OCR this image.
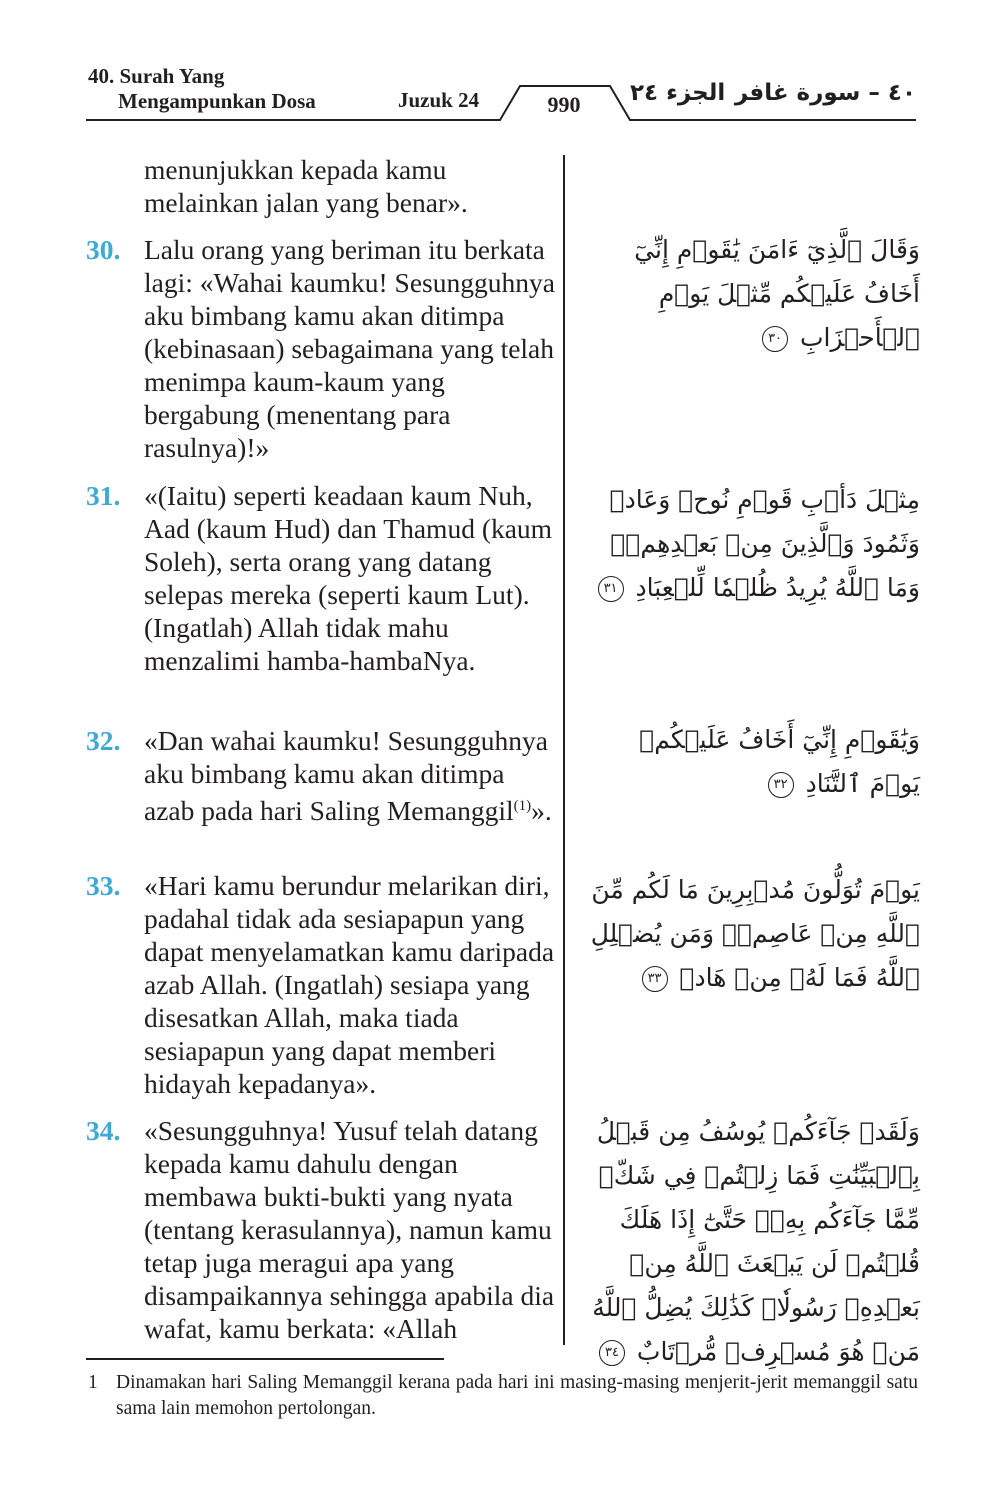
40. Surah Yang
Mengampunkan Dosa	Juzuk 24	990	الجزء ٢٤ ٤٠ – سورة غافر
menunjukkan kepada kamu melainkan jalan yang benar».
30. Lalu orang yang beriman itu berkata lagi: «Wahai kaumku! Sesungguhnya aku bimbang kamu akan ditimpa (kebinasaan) sebagaimana yang telah menimpa kaum-kaum yang bergabung (menentang para rasulnya)!»
31. «(Iaitu) seperti keadaan kaum Nuh, Aad (kaum Hud) dan Thamud (kaum Soleh), serta orang yang datang selepas mereka (seperti kaum Lut). (Ingatlah) Allah tidak mahu menzalimi hamba-hambaNya.
32. «Dan wahai kaumku! Sesungguhnya aku bimbang kamu akan ditimpa azab pada hari Saling Memanggil$^{(1)}$».
33. «Hari kamu berundur melarikan diri, padahal tidak ada sesiapapun yang dapat menyelamatkan kamu daripada azab Allah. (Ingatlah) sesiapa yang disesatkan Allah, maka tiada sesiapapun yang dapat memberi hidayah kepadanya».
34. «Sesungguhnya! Yusuf telah datang kepada kamu dahulu dengan membawa bukti-bukti yang nyata (tentang kerasulannya), namun kamu tetap juga meragui apa yang disampaikannya sehingga apabila dia wafat, kamu berkata: «Allah
وَقَالَ ٱلَّذِيٓ ءَامَنَ يَٰقَوۡمِ إِنِّيٓ أَخَافُ عَلَيۡكُم مِّثۡلَ يَوۡمِ ٱلۡأَحۡزَابِ ٣٠
مِثۡلَ دَأۡبِ قَوۡمِ نُوحٖ وَعَادٖ وَثَمُودَ وَٱلَّذِينَ مِنۢ بَعۡدِهِمۡۚ وَمَا ٱللَّهُ يُرِيدُ ظُلۡمٗا لِّلۡعِبَادِ ٣١
وَيَٰقَوۡمِ إِنِّيٓ أَخَافُ عَلَيۡكُمۡ يَوۡمَ ٱلتَّنَادِ ٣٢
يَوۡمَ تُوَلُّونَ مُدۡبِرِينَ مَا لَكُم مِّنَ ٱللَّهِ مِنۡ عَاصِمٖۗ وَمَن يُضۡلِلِ ٱللَّهُ فَمَا لَهُۥ مِنۡ هَادٖ ٣٣
وَلَقَدۡ جَآءَكُمۡ يُوسُفُ مِن قَبۡلُ بِٱلۡبَيِّنَٰتِ فَمَا زِلۡتُمۡ فِي شَكّٖ مِّمَّا جَآءَكُم بِهِۦۖ حَتَّىٰٓ إِذَا هَلَكَ قُلۡتُمۡ لَن يَبۡعَثَ ٱللَّهُ مِنۢ بَعۡدِهِۦ رَسُولٗاۚ كَذَٰلِكَ يُضِلُّ ٱللَّهُ مَنۡ هُوَ مُسۡرِفٞ مُّرۡتَابٌ ٣٤
1 Dinamakan hari Saling Memanggil kerana pada hari ini masing-masing menjerit-jerit memanggil satu sama lain memohon pertolongan.
